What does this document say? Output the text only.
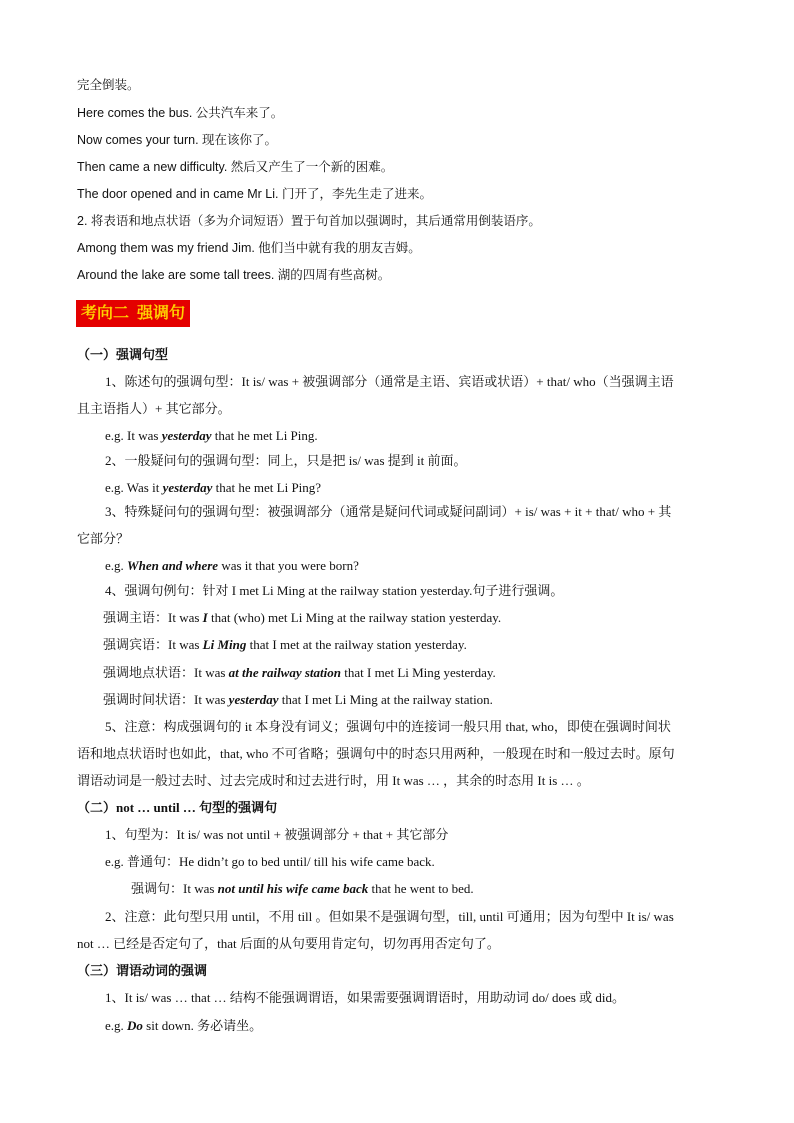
完全倒装。
Here comes the bus. 公共汽车来了。
Now comes your turn. 现在该你了。
Then came a new difficulty. 然后又产生了一个新的困难。
The door opened and in came Mr Li. 门开了，李先生走了进来。
2. 将表语和地点状语（多为介词短语）置于句首加以强调时，其后通常用倒装语序。
Among them was my friend Jim. 他们当中就有我的朋友吉姆。
Around the lake are some tall trees. 湖的四周有些高树。
考向二 强调句
（一）强调句型
1、陈述句的强调句型：It is/ was + 被强调部分（通常是主语、宾语或状语）+ that/ who（当强调主语
且主语指人）+ 其它部分。
e.g. It was yesterday that he met Li Ping.
2、一般疑问句的强调句型：同上，只是把 is/ was 提到 it 前面。
e.g. Was it yesterday that he met Li Ping?
3、特殊疑问句的强调句型：被强调部分（通常是疑问代词或疑问副词）+ is/ was + it + that/ who + 其
它部分？
e.g. When and where was it that you were born?
4、强调句例句：针对 I met Li Ming at the railway station yesterday.句子进行强调。
强调主语：It was I that (who) met Li Ming at the railway station yesterday.
强调宾语：It was Li Ming that I met at the railway station yesterday.
强调地点状语：It was at the railway station that I met Li Ming yesterday.
强调时间状语：It was yesterday that I met Li Ming at the railway station.
5、注意：构成强调句的 it 本身没有词义；强调句中的连接词一般只用 that, who，即使在强调时间状
语和地点状语时也如此，that, who 不可省略；强调句中的时态只用两种，一般现在时和一般过去时。原句
谓语动词是一般过去时、过去完成时和过去进行时，用 It was … ，其余的时态用 It is … 。
（二）not … until … 句型的强调句
1、句型为：It is/ was not until + 被强调部分 + that + 其它部分
e.g. 普通句：He didn’t go to bed until/ till his wife came back.
强调句：It was not until his wife came back that he went to bed.
2、注意：此句型只用 until，不用 till 。但如果不是强调句型，till, until 可通用；因为句型中 It is/ was
not … 已经是否定句了，that 后面的从句要用肯定句，切勿再用否定句了。
（三）谓语动词的强调
1、It is/ was … that … 结构不能强调谓语，如果需要强调谓语时，用助动词 do/ does 或 did。
e.g. Do sit down. 务必请坐。
